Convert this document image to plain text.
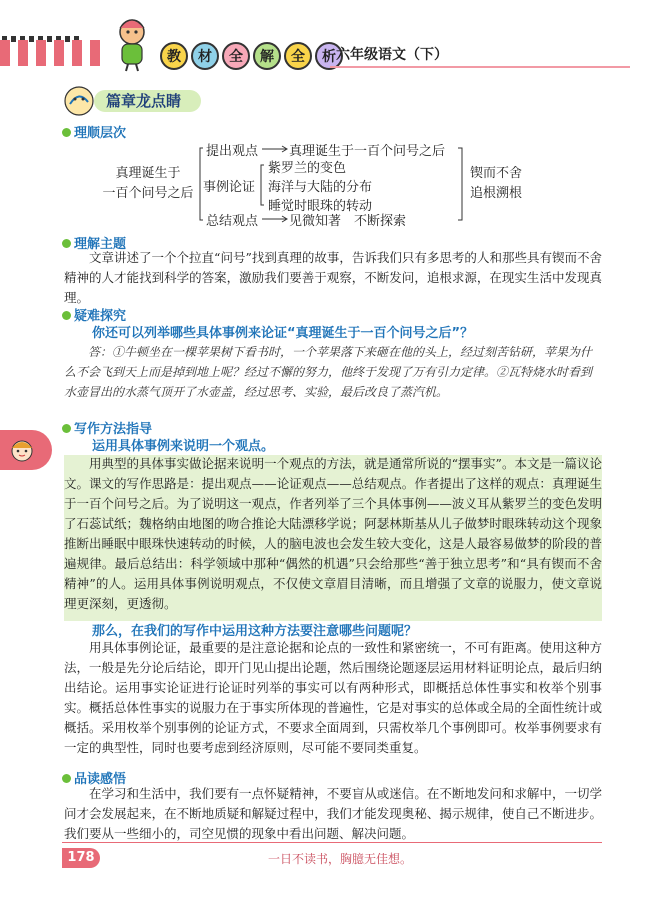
教	材	全	解	全	析 六年级语文（下）
篇章龙点睛
理顺层次
真理诞生于
一百个问号之后
提出观点 真理诞生于一百个问号之后
事例论证
紫罗兰的变色
海洋与大陆的分布
睡觉时眼珠的转动
总结观点 见微知著　不断探索
锲而不舍
追根溯根
理解主题

文章讲述了一个个拉直“问号”找到真理的故事，告诉我们只有多思考的人和那些具有锲而不舍精神的人才能找到科学的答案，激励我们要善于观察，不断发问，追根求源，在现实生活中发现真理。

疑难探究
你还可以列举哪些具体事例来论证“真理诞生于一百个问号之后”？

答：①牛顿坐在一棵苹果树下看书时，一个苹果落下来砸在他的头上，经过刻苦钻研，苹果为什么不会飞到天上而是掉到地上呢？经过不懈的努力，他终于发现了万有引力定律。②瓦特烧水时看到水壶冒出的水蒸气顶开了水壶盖，经过思考、实验，最后改良了蒸汽机。

写作方法指导
运用具体事例来说明一个观点。

用典型的具体事实做论据来说明一个观点的方法，就是通常所说的“摆事实”。本文是一篇议论文。课文的写作思路是：提出观点——论证观点——总结观点。作者提出了这样的观点：真理诞生于一百个问号之后。为了说明这一观点，作者列举了三个具体事例——波义耳从紫罗兰的变色发明了石蕊试纸；魏格纳由地图的吻合推论大陆漂移学说；阿瑟林斯基从儿子做梦时眼珠转动这个现象推断出睡眠中眼珠快速转动的时候，人的脑电波也会发生较大变化，这是人最容易做梦的阶段的普遍规律。最后总结出：科学领域中那种“偶然的机遇”只会给那些“善于独立思考”和“具有锲而不舍精神”的人。运用具体事例说明观点，不仅使文章眉目清晰，而且增强了文章的说服力，使文章说理更深刻，更透彻。

那么，在我们的写作中运用这种方法要注意哪些问题呢？

用具体事例论证，最重要的是注意论据和论点的一致性和紧密统一，不可有距离。使用这种方法，一般是先分论后结论，即开门见山提出论题，然后围绕论题逐层运用材料证明论点，最后归纳出结论。运用事实论证进行论证时列举的事实可以有两种形式，即概括总体性事实和枚举个别事实。概括总体性事实的说服力在于事实所体现的普遍性，它是对事实的总体或全局的全面性统计或概括。采用枚举个别事例的论证方式，不要求全面周到，只需枚举几个事例即可。枚举事例要求有一定的典型性，同时也要考虑到经济原则，尽可能不要同类重复。

品读感悟

在学习和生活中，我们要有一点怀疑精神，不要盲从或迷信。在不断地发问和求解中，一切学问才会发展起来，在不断地质疑和解疑过程中，我们才能发现奥秘、揭示规律，使自己不断进步。我们要从一些细小的，司空见惯的现象中看出问题、解决问题。

178	一日不读书，胸臆无佳想。
